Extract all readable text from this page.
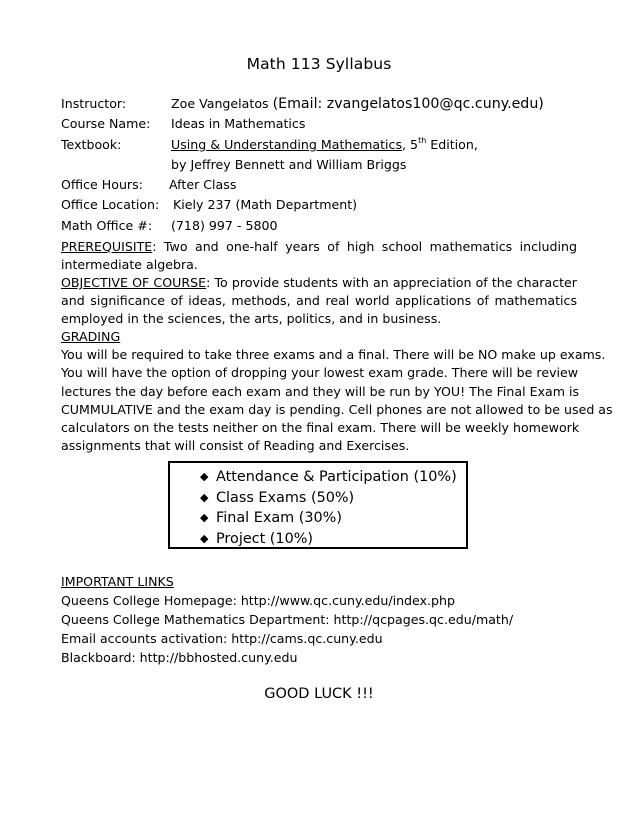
Math 113 Syllabus
Instructor:	Zoe Vangelatos (Email: zvangelatos100@qc.cuny.edu)
Course Name: Ideas in Mathematics
Textbook:	Using & Understanding Mathematics, 5th Edition,
by Jeffrey Bennett and William Briggs
Office Hours: After Class
Office Location: Kiely 237 (Math Department)
Math Office #: (718) 997 - 5800
PREREQUISITE: Two and one-half years of high school mathematics including intermediate algebra.
OBJECTIVE OF COURSE: To provide students with an appreciation of the character and significance of ideas, methods, and real world applications of mathematics employed in the sciences, the arts, politics, and in business.
GRADING
You will be required to take three exams and a final. There will be NO make up exams.
You will have the option of dropping your lowest exam grade. There will be review
lectures the day before each exam and they will be run by YOU! The Final Exam is
CUMMULATIVE and the exam day is pending. Cell phones are not allowed to be used as
calculators on the tests neither on the final exam. There will be weekly homework
assignments that will consist of Reading and Exercises.
◆ Attendance & Participation (10%)
◆ Class Exams (50%)
◆ Final Exam (30%)
◆ Project (10%)
IMPORTANT LINKS
Queens College Homepage: http://www.qc.cuny.edu/index.php
Queens College Mathematics Department: http://qcpages.qc.edu/math/
Email accounts activation: http://cams.qc.cuny.edu
Blackboard: http://bbhosted.cuny.edu
GOOD LUCK !!!
